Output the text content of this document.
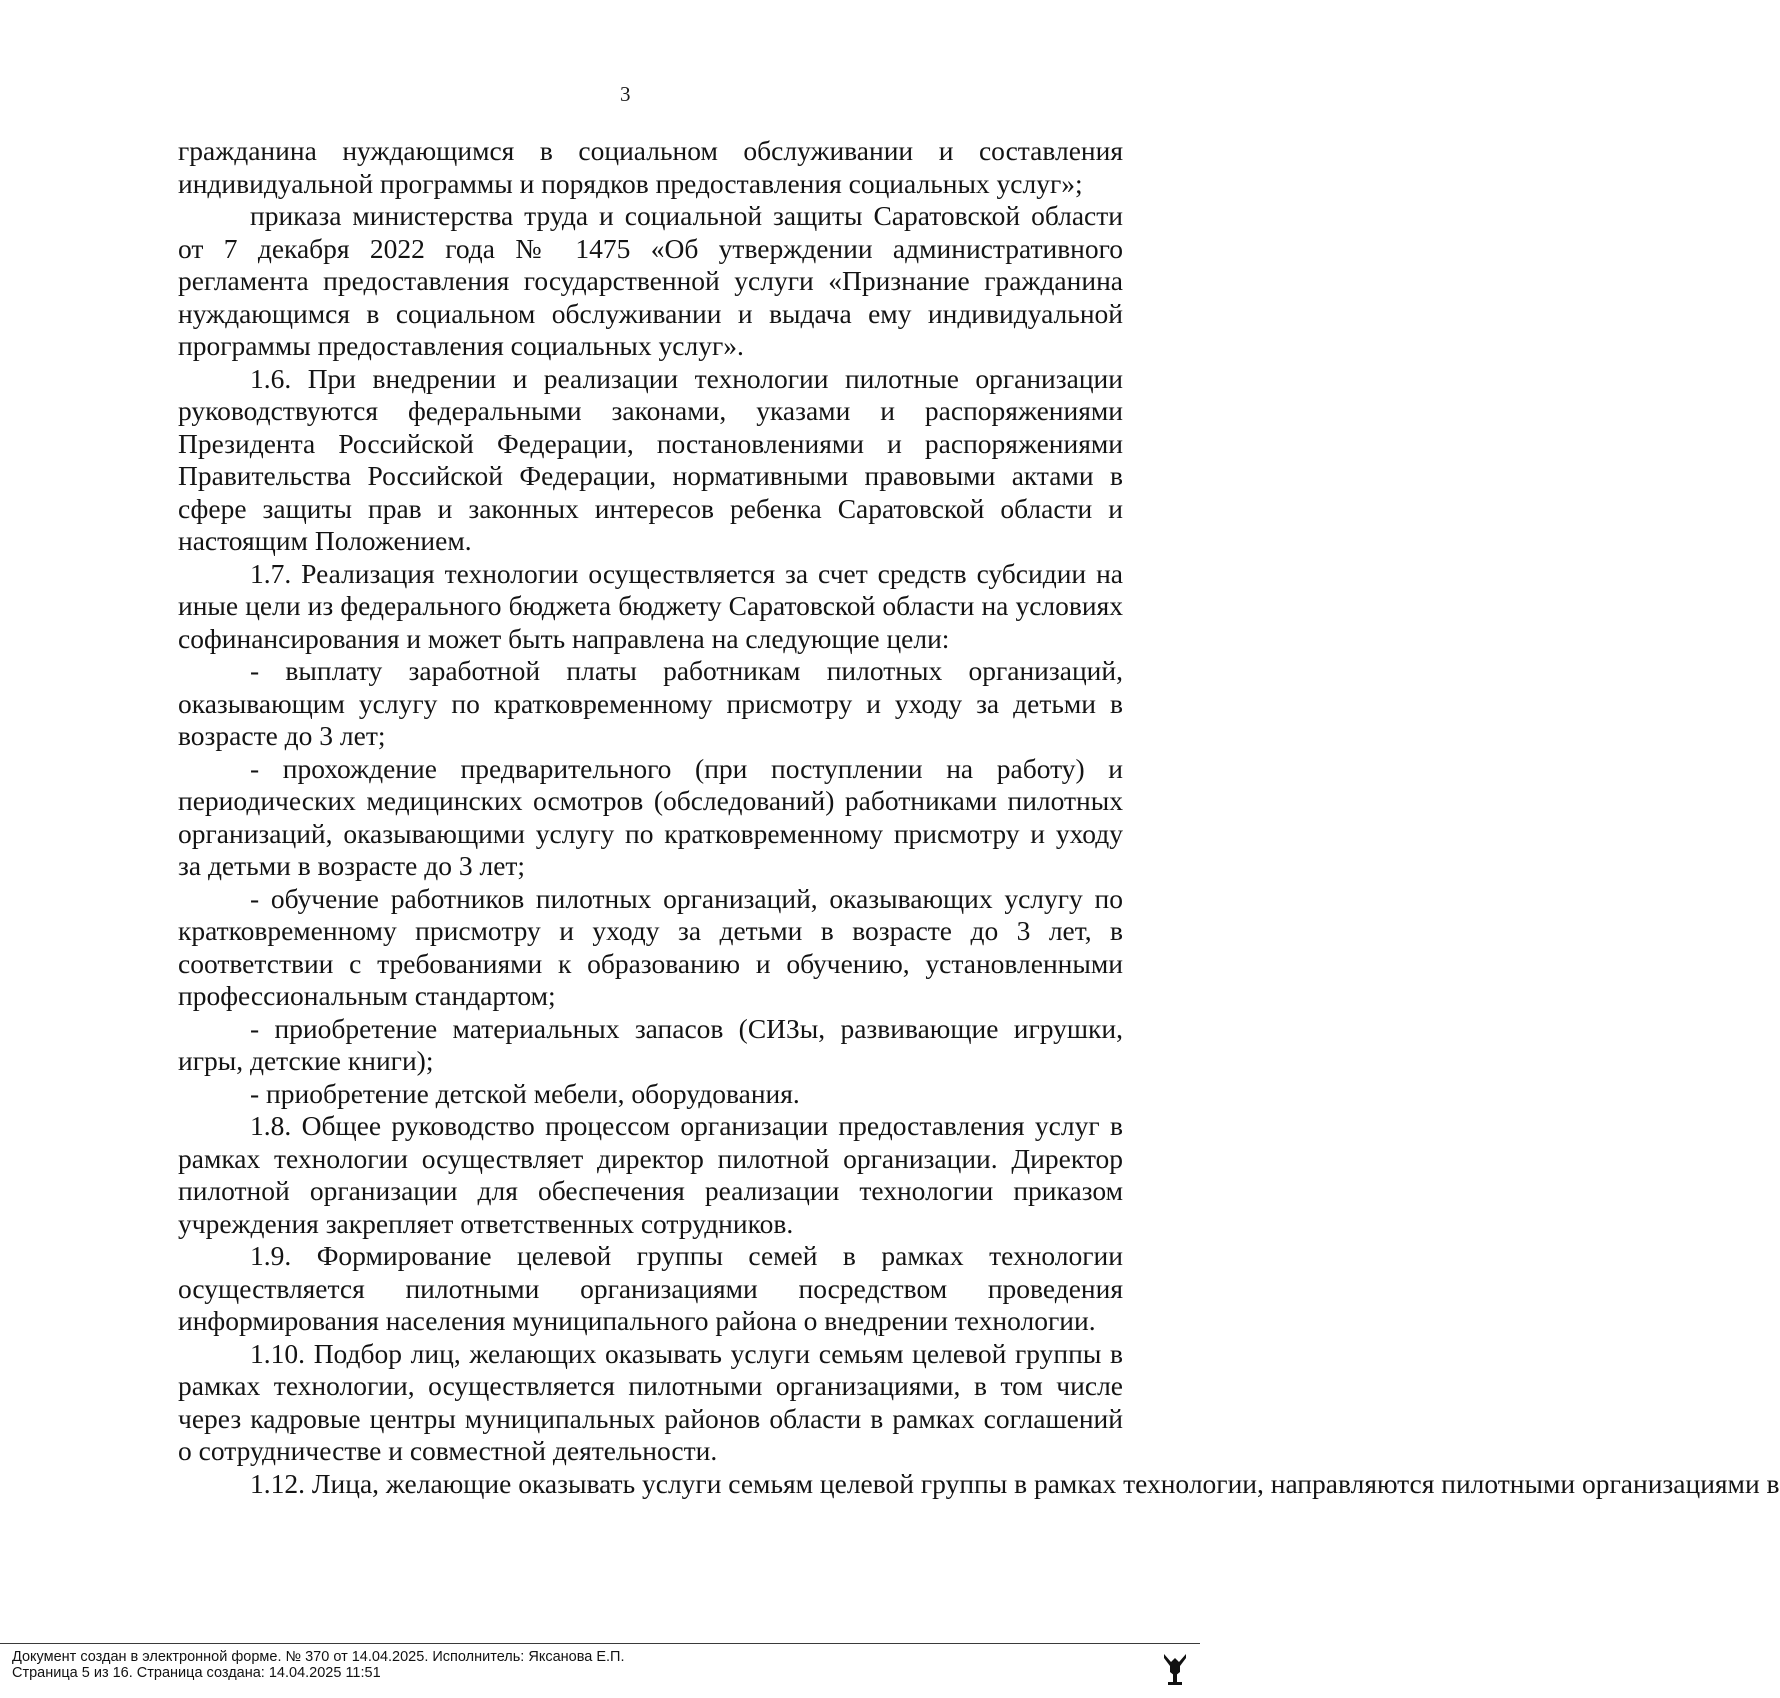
3

гражданина нуждающимся в социальном обслуживании и составления индивидуальной программы и порядков предоставления социальных услуг»;

приказа министерства труда и социальной защиты Саратовской области от 7 декабря 2022 года № 1475 «Об утверждении административного регламента предоставления государственной услуги «Признание гражданина нуждающимся в социальном обслуживании и выдача ему индивидуальной программы предоставления социальных услуг».

1.6. При внедрении и реализации технологии пилотные организации руководствуются федеральными законами, указами и распоряжениями Президента Российской Федерации, постановлениями и распоряжениями Правительства Российской Федерации, нормативными правовыми актами в сфере защиты прав и законных интересов ребенка Саратовской области и настоящим Положением.

1.7. Реализация технологии осуществляется за счет средств субсидии на иные цели из федерального бюджета бюджету Саратовской области на условиях софинансирования и может быть направлена на следующие цели:

- выплату заработной платы работникам пилотных организаций, оказывающим услугу по кратковременному присмотру и уходу за детьми в возрасте до 3 лет;

- прохождение предварительного (при поступлении на работу) и периодических медицинских осмотров (обследований) работниками пилотных организаций, оказывающими услугу по кратковременному присмотру и уходу за детьми в возрасте до 3 лет;

- обучение работников пилотных организаций, оказывающих услугу по кратковременному присмотру и уходу за детьми в возрасте до 3 лет, в соответствии с требованиями к образованию и обучению, установленными профессиональным стандартом;

- приобретение материальных запасов (СИЗы, развивающие игрушки, игры, детские книги);

- приобретение детской мебели, оборудования.

1.8. Общее руководство процессом организации предоставления услуг в рамках технологии осуществляет директор пилотной организации. Директор пилотной организации для обеспечения реализации технологии приказом учреждения закрепляет ответственных сотрудников.

1.9. Формирование целевой группы семей в рамках технологии осуществляется пилотными организациями посредством проведения информирования населения муниципального района о внедрении технологии.

1.10. Подбор лиц, желающих оказывать услуги семьям целевой группы в рамках технологии, осуществляется пилотными организациями, в том числе через кадровые центры муниципальных районов области в рамках соглашений о сотрудничестве и совместной деятельности.

1.12. Лица, желающие оказывать услуги семьям целевой группы в рамках технологии, направляются пилотными организациями в

Документ создан в электронной форме. № 370 от 14.04.2025. Исполнитель: Яксанова Е.П.
Страница 5 из 16. Страница создана: 14.04.2025 11:51
